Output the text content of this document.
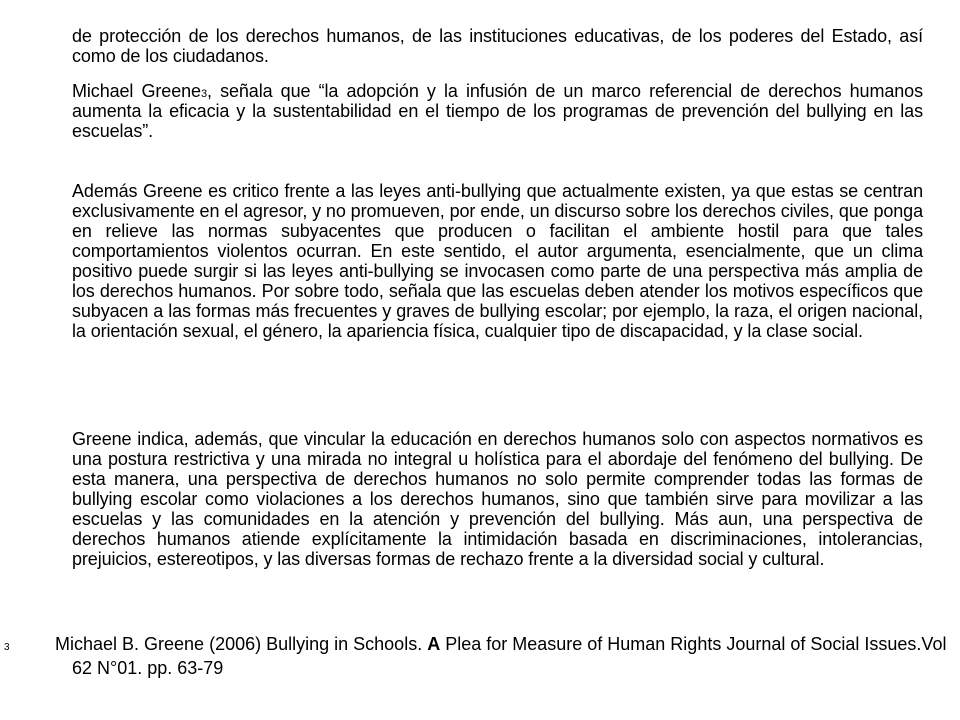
de protección de los derechos humanos, de las instituciones educativas, de los poderes del Estado, así como de los ciudadanos.

Michael Greene3, señala que “la adopción y la infusión de un marco referencial de derechos humanos aumenta la eficacia y la sustentabilidad en el tiempo de los programas de prevención del bullying en las escuelas”.

Además Greene es critico frente a las leyes anti-bullying que actualmente existen, ya que estas se centran exclusivamente en el agresor, y no promueven, por ende, un discurso sobre los derechos civiles, que ponga en relieve las normas subyacentes que producen o facilitan el ambiente hostil para que tales comportamientos violentos ocurran. En este sentido, el autor argumenta, esencialmente, que un clima positivo puede surgir si las leyes anti-bullying se invocasen como parte de una perspectiva más amplia de los derechos humanos. Por sobre todo, señala que las escuelas deben atender los motivos específicos que subyacen a las formas más frecuentes y graves de bullying escolar; por ejemplo, la raza, el origen nacional, la orientación sexual, el género, la apariencia física, cualquier tipo de discapacidad, y la clase social.

Greene indica, además, que vincular la educación en derechos humanos solo con aspectos normativos es una postura restrictiva y una mirada no integral u holística para el abordaje del fenómeno del bullying. De esta manera, una perspectiva de derechos humanos no solo permite comprender todas las formas de bullying escolar como violaciones a los derechos humanos, sino que también sirve para movilizar a las escuelas y las comunidades en la atención y prevención del bullying. Más aun, una perspectiva de derechos humanos atiende explícitamente la intimidación basada en discriminaciones, intolerancias, prejuicios, estereotipos, y las diversas formas de rechazo frente a la diversidad social y cultural.

3 Michael B. Greene (2006) Bullying in Schools. A Plea for Measure of Human Rights Journal of Social Issues.Vol 62 N°01. pp. 63-79
